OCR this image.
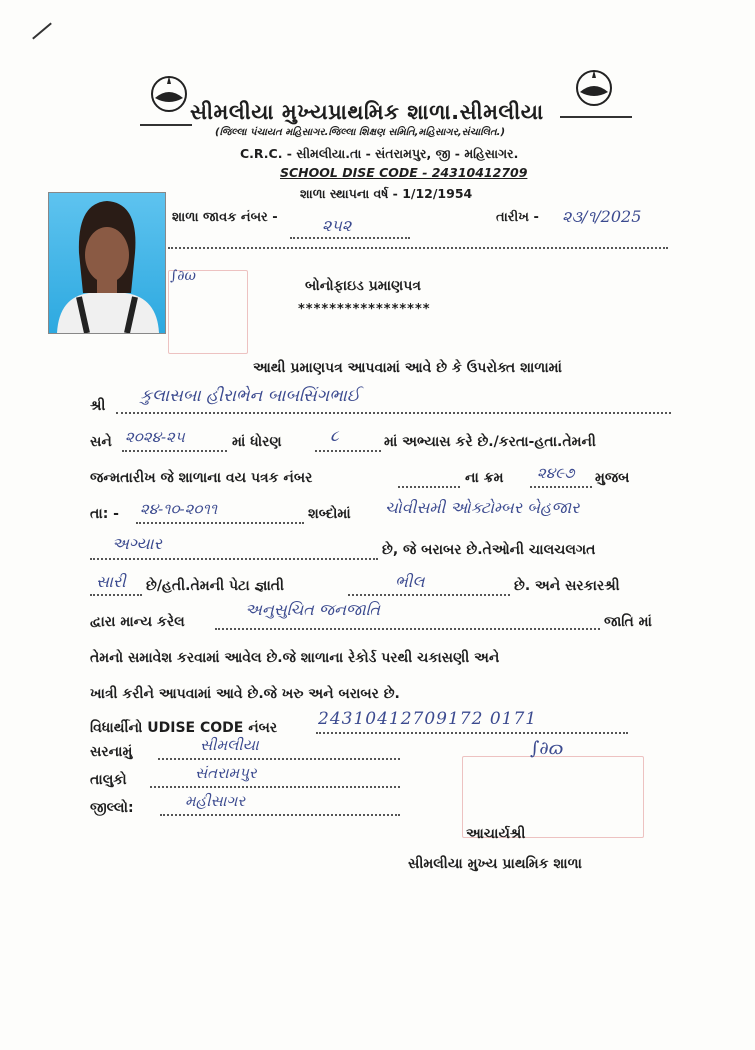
સીમલીયા મુખ્યપ્રાથમિક શાળા.સીમલીયા
(જિલ્લા પંચાયત મહિસાગર.જિલ્લા શિક્ષણ સમિતિ,મહિસાગર,સંચાલિત.)
C.R.C. - સીમલીયા.તા - સંતરામપુર, જી - મહિસાગર.
SCHOOL DISE CODE - 24310412709
શાળા સ્થાપના વર્ષ - 1/12/1954
∫∂ω
શાળા જાવક નંબર -	૨૫૨	તારીખ - ૨૩/૧/2025
બોનોફાઇડ પ્રમાણપત્ર
*****************
આથી પ્રમાણપત્ર આપવામાં આવે છે કે ઉપરોક્ત શાળામાં
શ્રી કુલાસબા હીરાભેન બાબસિંગભાઈ
સને ૨૦૨૪-૨૫	માં ધોરણ	૮	માં અભ્યાસ કરે છે./કરતા-હતા.તેમની
જન્મતારીખ જે શાળાના વય પત્રક નંબર	ના ક્રમ ૨૪૯૭ મુજબ
તા: - ૨૪-૧૦-૨૦૧૧	શબ્દોમાં ચોવીસમી ઓક્ટોમ્બર બેહજાર
અગ્યાર	છે, જે બરાબર છે.તેઓની ચાલચલગત
સારી છે/હતી.તેમની પેટા જ્ઞાતી	ભીલ	છે. અને સરકારશ્રી
દ્વારા માન્ય કરેલ
અનુસુચિત જનજાતિ
જાતિ માં
તેમનો સમાવેશ કરવામાં આવેલ છે.જે શાળાના રેકોર્ડ પરથી ચકાસણી અને
ખાત્રી કરીને આપવામાં આવે છે.જે ખરુ અને બરાબર છે.
વિધાર્થીનો UDISE CODE નંબર 24310412709172 0171
સરનામું	સીમલીયા
તાલુકો	સંતરામપુર
જીલ્લો:	મહીસાગર
∫∂ɷ
આચાર્યશ્રી
સીમલીયા મુખ્ય પ્રાથમિક શાળા
